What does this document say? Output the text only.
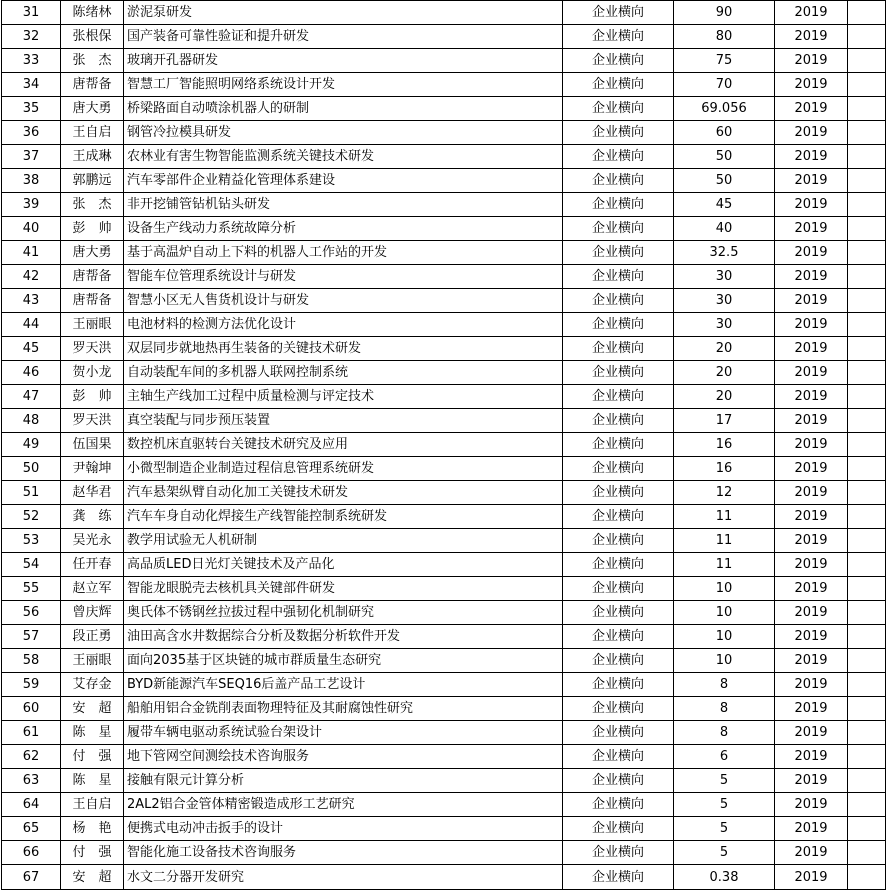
31	陈绪林	淤泥泵研发	企业横向	90	2019	
32	张根保	国产装备可靠性验证和提升研发	企业横向	80	2019	
33	张　杰	玻璃开孔器研发	企业横向	75	2019	
34	唐帮备	智慧工厂智能照明网络系统设计开发	企业横向	70	2019	
35	唐大勇	桥梁路面自动喷涂机器人的研制	企业横向	69.056	2019	
36	王自启	钢管冷拉模具研发	企业横向	60	2019	
37	王成琳	农林业有害生物智能监测系统关键技术研发	企业横向	50	2019	
38	郭鹏远	汽车零部件企业精益化管理体系建设	企业横向	50	2019	
39	张　杰	非开挖铺管钻机钻头研发	企业横向	45	2019	
40	彭　帅	设备生产线动力系统故障分析	企业横向	40	2019	
41	唐大勇	基于高温炉自动上下料的机器人工作站的开发	企业横向	32.5	2019	
42	唐帮备	智能车位管理系统设计与研发	企业横向	30	2019	
43	唐帮备	智慧小区无人售货机设计与研发	企业横向	30	2019	
44	王丽眼	电池材料的检测方法优化设计	企业横向	30	2019	
45	罗天洪	双层同步就地热再生装备的关键技术研发	企业横向	20	2019	
46	贺小龙	自动装配车间的多机器人联网控制系统	企业横向	20	2019	
47	彭　帅	主轴生产线加工过程中质量检测与评定技术	企业横向	20	2019	
48	罗天洪	真空装配与同步预压装置	企业横向	17	2019	
49	伍国果	数控机床直驱转台关键技术研究及应用	企业横向	16	2019	
50	尹翰坤	小微型制造企业制造过程信息管理系统研发	企业横向	16	2019	
51	赵华君	汽车悬架纵臂自动化加工关键技术研发	企业横向	12	2019	
52	龚　练	汽车车身自动化焊接生产线智能控制系统研发	企业横向	11	2019	
53	吴光永	教学用试验无人机研制	企业横向	11	2019	
54	任开春	高品质LED日光灯关键技术及产品化	企业横向	11	2019	
55	赵立军	智能龙眼脱壳去核机具关键部件研发	企业横向	10	2019	
56	曾庆辉	奥氏体不锈钢丝拉拔过程中强韧化机制研究	企业横向	10	2019	
57	段正勇	油田高含水井数据综合分析及数据分析软件开发	企业横向	10	2019	
58	王丽眼	面向2035基于区块链的城市群质量生态研究	企业横向	10	2019	
59	艾存金	BYD新能源汽车SEQ16后盖产品工艺设计	企业横向	8	2019	
60	安　超	船舶用铝合金铣削表面物理特征及其耐腐蚀性研究	企业横向	8	2019	
61	陈　星	履带车辆电驱动系统试验台架设计	企业横向	8	2019	
62	付　强	地下管网空间测绘技术咨询服务	企业横向	6	2019	
63	陈　星	接触有限元计算分析	企业横向	5	2019	
64	王自启	2AL2铝合金管体精密锻造成形工艺研究	企业横向	5	2019	
65	杨　艳	便携式电动冲击扳手的设计	企业横向	5	2019	
66	付　强	智能化施工设备技术咨询服务	企业横向	5	2019	
67	安　超	水文二分器开发研究	企业横向	0.38	2019	
